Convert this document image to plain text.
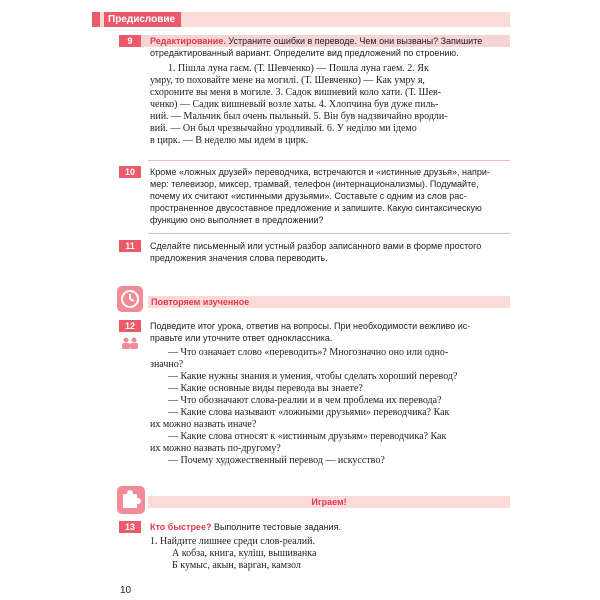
Предисловие
9	Редактирование. Устраните ошибки в переводе. Чем они вызваны? Запишите
отредактированный вариант. Определите вид предложений по строению.
1. Пішла луна гаєм. (Т. Шевченко) — Пошла луна гаем. 2. Як
умру, то поховайте мене на могилі. (Т. Шевченко) — Как умру я,
схороните вы меня в могиле. 3. Садок вишневий коло хати. (Т. Шев-
ченко) — Садик вишневый возле хаты. 4. Хлопчина був дуже пиль-
ний. — Мальчик был очень пыльный. 5. Він був надзвичайно вродли-
вий. — Он был чрезвычайно уродливый. 6. У неділю ми ідемо
в цирк. — В неделю мы идем в цирк.
10	Кроме «ложных друзей» переводчика, встречаются и «истинные друзья», напри-
мер: телевизор, миксер, трамвай, телефон (интернационализмы). Подумайте,
почему их считают «истинными друзьями». Составьте с одним из слов рас-
пространенное двусоставное предложение и запишите. Какую синтаксическую
функцию оно выполняет в предложении?
11	Сделайте письменный или устный разбор записанного вами в форме простого
предложения значения слова переводить.
Повторяем изученное
12	Подведите итог урока, ответив на вопросы. При необходимости вежливо ис-
правьте или уточните ответ одноклассника.
— Что означает слово «переводить»? Многозначно оно или одно-
значно?
— Какие нужны знания и умения, чтобы сделать хороший перевод?
— Какие основные виды перевода вы знаете?
— Что обозначают слова-реалии и в чем проблема их перевода?
— Какие слова называют «ложными друзьями» переводчика? Как
их можно назвать иначе?
— Какие слова относят к «истинным друзьям» переводчика? Как
их можно назвать по-другому?
— Почему художественный перевод — искусство?
Играем!
13	Кто быстрее? Выполните тестовые задания.
1. Найдите лишнее среди слов-реалий.
А кобза, книга, куліш, вышиванка
Б кумыс, акын, варган, камзол
10
